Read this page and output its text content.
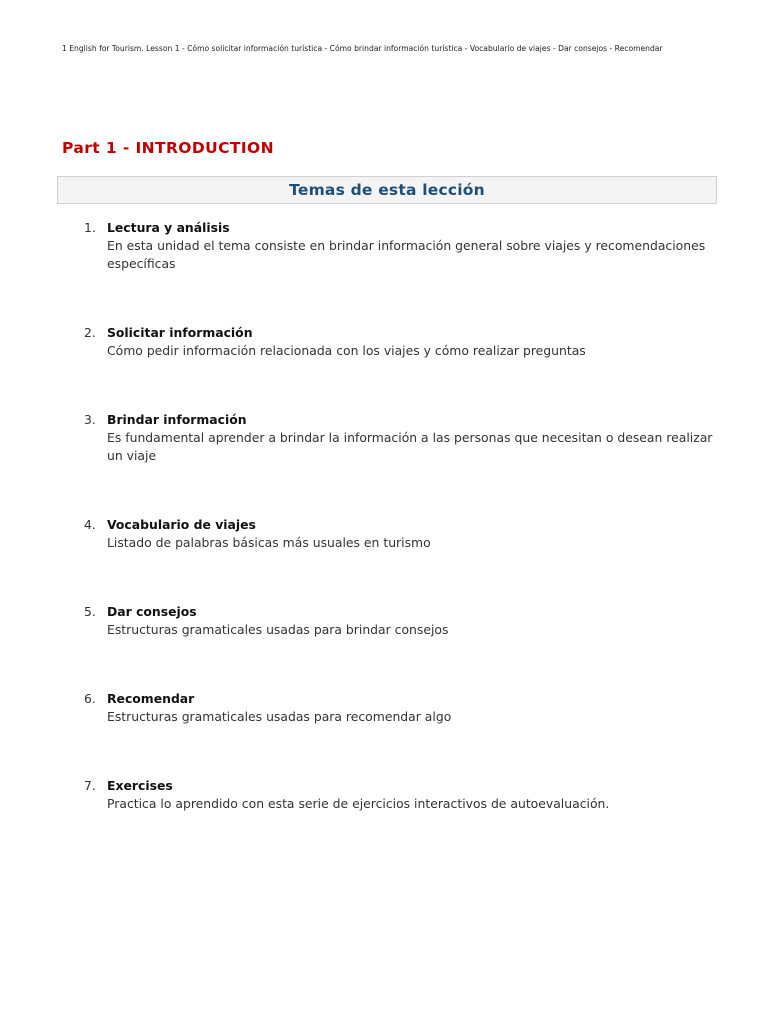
1 English for Tourism. Lesson 1 - Cómo solicitar información turística - Cómo brindar información turística - Vocabulario de viajes - Dar consejos - Recomendar
Part 1 - INTRODUCTION
Temas de esta lección
1. Lectura y análisis
En esta unidad el tema consiste en brindar información general sobre viajes y recomendaciones específicas
2. Solicitar información
Cómo pedir información relacionada con los viajes y cómo realizar preguntas
3. Brindar información
Es fundamental aprender a brindar la información a las personas que necesitan o desean realizar un viaje
4. Vocabulario de viajes
Listado de palabras básicas más usuales en turismo
5. Dar consejos
Estructuras gramaticales usadas para brindar consejos
6. Recomendar
Estructuras gramaticales usadas para recomendar algo
7. Exercises
Practica lo aprendido con esta serie de ejercicios interactivos de autoevaluación.
